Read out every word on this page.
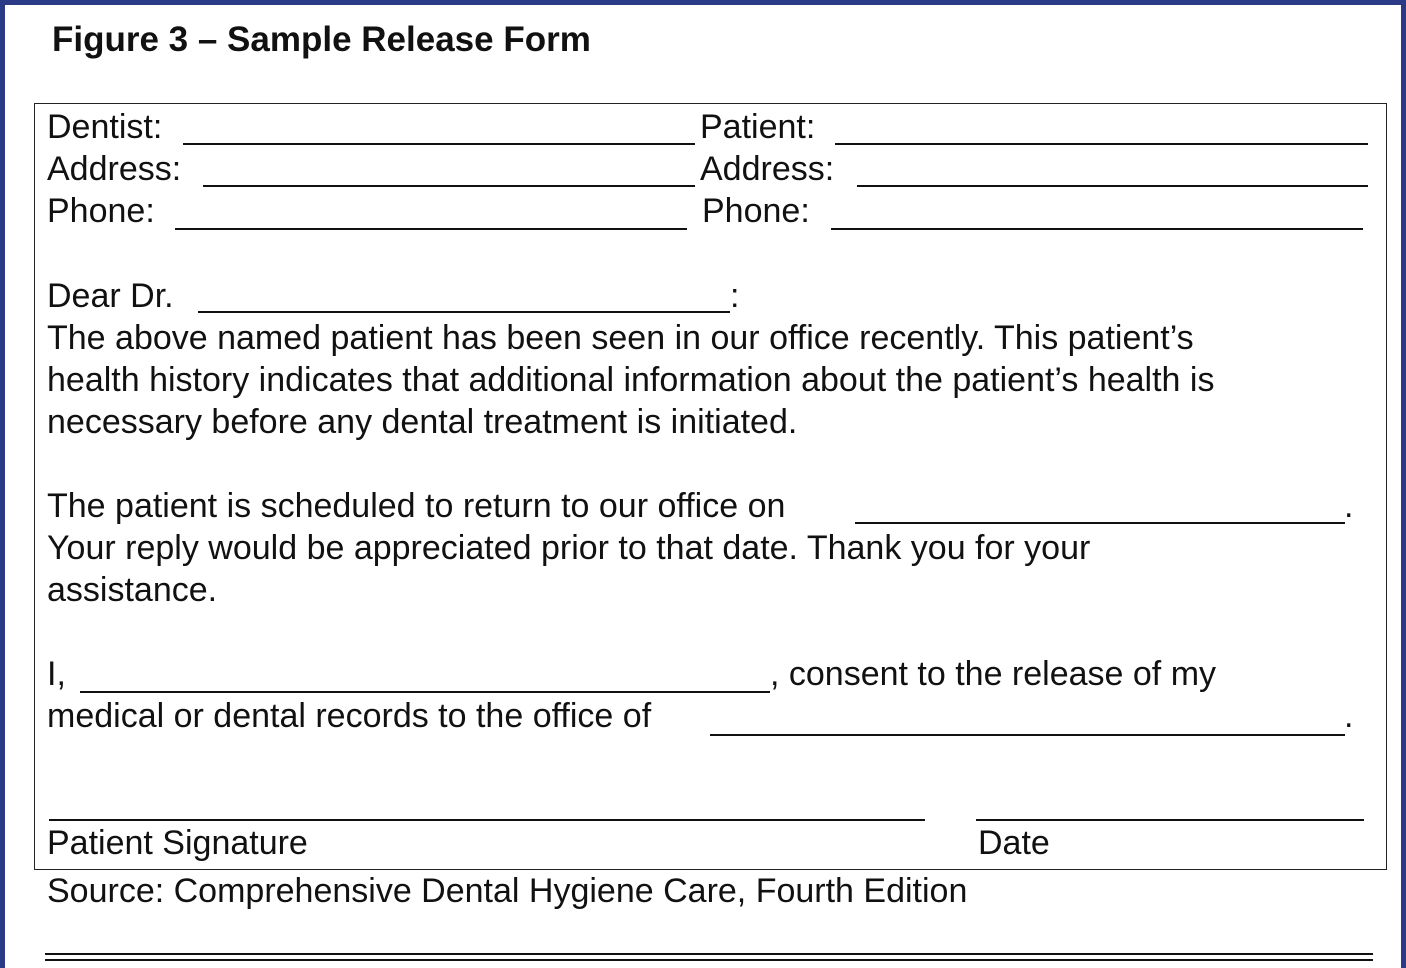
Figure 3 – Sample Release Form
Dentist:	Patient:
Address:	Address:
Phone:	Phone:
Dear Dr.	:
The above named patient has been seen in our office recently. This patient’s
health history indicates that additional information about the patient’s health is
necessary before any dental treatment is initiated.
The patient is scheduled to return to our office on	.
Your reply would be appreciated prior to that date. Thank you for your
assistance.
I,	, consent to the release of my
medical or dental records to the office of	.
Patient Signature	Date
Source: Comprehensive Dental Hygiene Care, Fourth Edition
